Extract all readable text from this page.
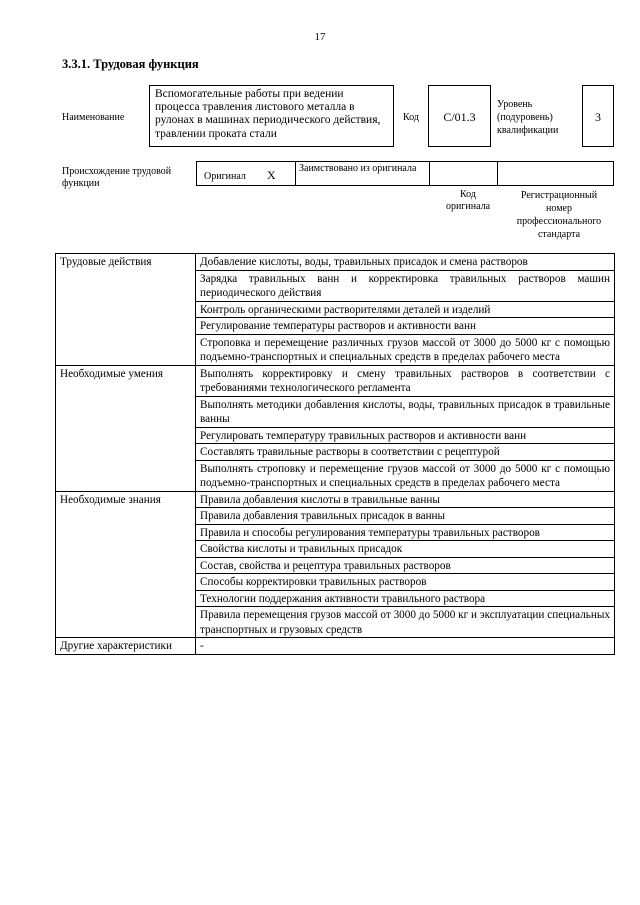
17
3.3.1. Трудовая функция
Наименование
Вспомогательные работы при ведении процесса травления листового металла в рулонах в машинах периодического действия, травлении проката стали
Код	С/01.3
Уровень
(подуровень)
квалификации
3
Происхождение трудовой функции
Оригинал Х	Заимствовано из оригинала
Код оригинала
Регистрационный
номер
профессионального
стандарта
Трудовые действия	Добавление кислоты, воды, травильных присадок и смена растворов
	Зарядка травильных ванн и корректировка травильных растворов машин периодического действия
	Контроль органическими растворителями деталей и изделий
	Регулирование температуры растворов и активности ванн
	Строповка и перемещение различных грузов массой от 3000 до 5000 кг с помощью подъемно-транспортных и специальных средств в пределах рабочего места
Необходимые умения	Выполнять корректировку и смену травильных растворов в соответствии с требованиями технологического регламента
	Выполнять методики добавления кислоты, воды, травильных присадок в травильные ванны
	Регулировать температуру травильных растворов и активности ванн
	Составлять травильные растворы в соответствии с рецептурой
	Выполнять строповку и перемещение грузов массой от 3000 до 5000 кг с помощью подъемно-транспортных и специальных средств в пределах рабочего места
Необходимые знания	Правила добавления кислоты в травильные ванны
	Правила добавления травильных присадок в ванны
	Правила и способы регулирования температуры травильных растворов
	Свойства кислоты и травильных присадок
	Состав, свойства и рецептура травильных растворов
	Способы корректировки травильных растворов
	Технологии поддержания активности травильного раствора
	Правила перемещения грузов массой от 3000 до 5000 кг и эксплуатации специальных транспортных и грузовых средств
Другие характеристики	-
